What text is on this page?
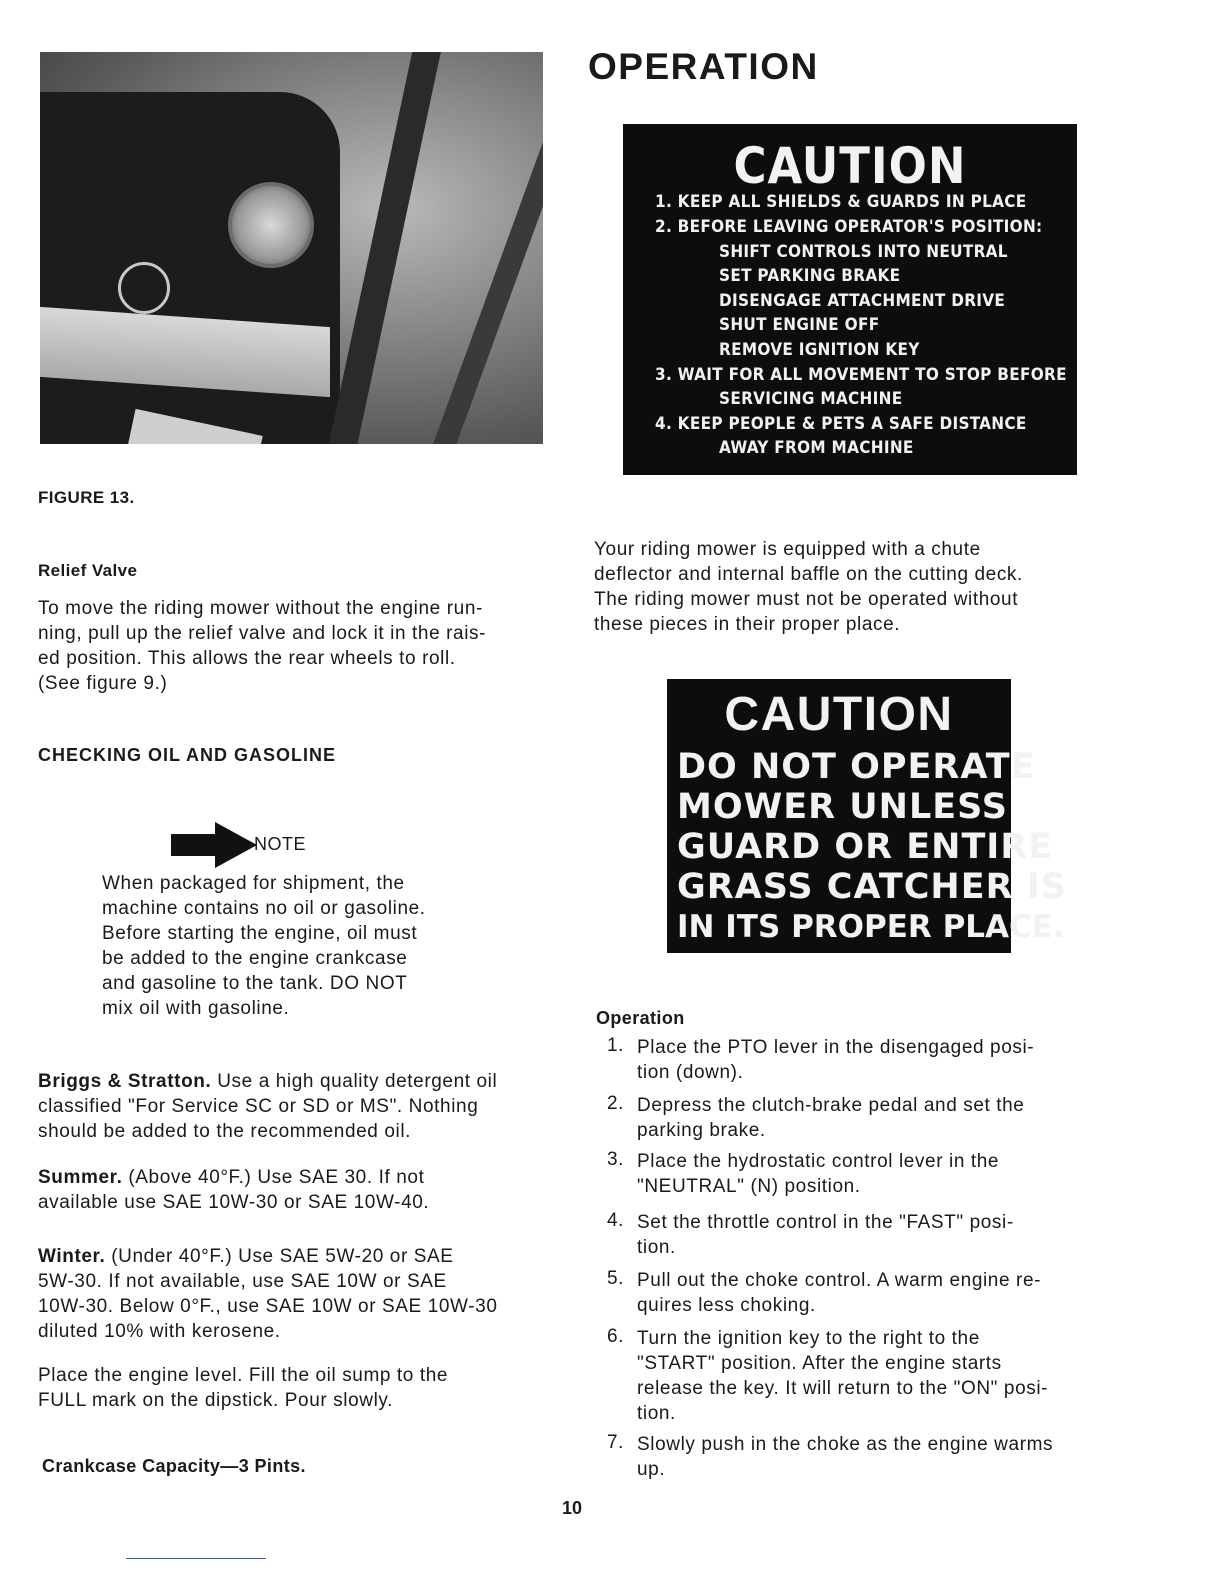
FIGURE 13.
OPERATION
CAUTION
1. KEEP ALL SHIELDS & GUARDS IN PLACE
2. BEFORE LEAVING OPERATOR'S POSITION:
SHIFT CONTROLS INTO NEUTRAL
SET PARKING BRAKE
DISENGAGE ATTACHMENT DRIVE
SHUT ENGINE OFF
REMOVE IGNITION KEY
3. WAIT FOR ALL MOVEMENT TO STOP BEFORE
SERVICING MACHINE
4. KEEP PEOPLE & PETS A SAFE DISTANCE
AWAY FROM MACHINE
Relief Valve
To move the riding mower without the engine run-
ning, pull up the relief valve and lock it in the rais-
ed position. This allows the rear wheels to roll.
(See figure 9.)
CHECKING OIL AND GASOLINE
NOTE
When packaged for shipment, the
machine contains no oil or gasoline.
Before starting the engine, oil must
be added to the engine crankcase
and gasoline to the tank. DO NOT
mix oil with gasoline.
Briggs & Stratton. Use a high quality detergent oil
classified "For Service SC or SD or MS". Nothing
should be added to the recommended oil.
Summer. (Above 40°F.) Use SAE 30. If not
available use SAE 10W-30 or SAE 10W-40.
Winter. (Under 40°F.) Use SAE 5W-20 or SAE
5W-30. If not available, use SAE 10W or SAE
10W-30. Below 0°F., use SAE 10W or SAE 10W-30
diluted 10% with kerosene.
Place the engine level. Fill the oil sump to the
FULL mark on the dipstick. Pour slowly.
Crankcase Capacity—3 Pints.
Your riding mower is equipped with a chute
deflector and internal baffle on the cutting deck.
The riding mower must not be operated without
these pieces in their proper place.
CAUTION
DO NOT OPERATE
MOWER UNLESS
GUARD OR ENTIRE
GRASS CATCHER IS
IN ITS PROPER PLACE.
Operation
1. Place the PTO lever in the disengaged posi-
tion (down).
2. Depress the clutch-brake pedal and set the
parking brake.
3. Place the hydrostatic control lever in the
"NEUTRAL" (N) position.
4. Set the throttle control in the "FAST" posi-
tion.
5. Pull out the choke control. A warm engine re-
quires less choking.
6. Turn the ignition key to the right to the
"START" position. After the engine starts
release the key. It will return to the "ON" posi-
tion.
7. Slowly push in the choke as the engine warms
up.
10
